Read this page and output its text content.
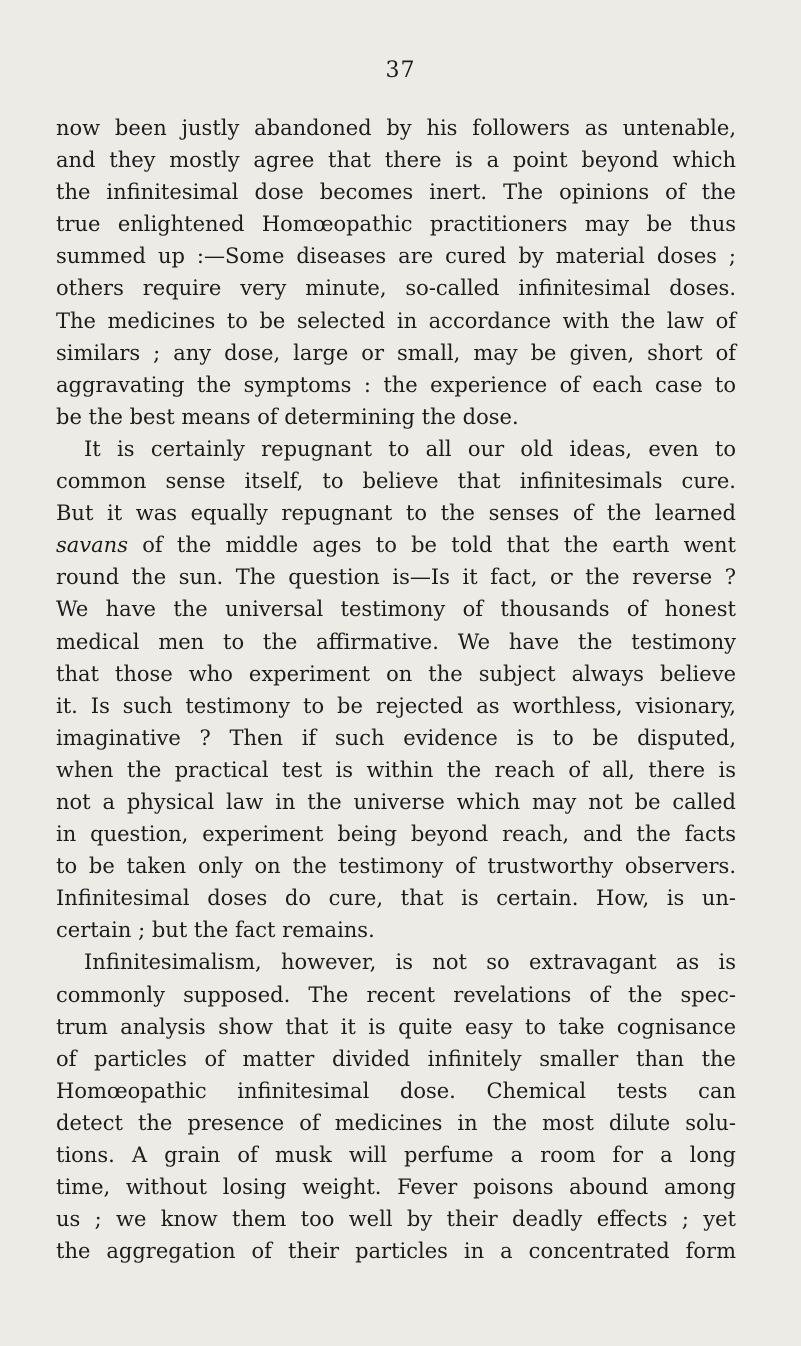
37
now been justly abandoned by his followers as untenable,
and they mostly agree that there is a point beyond which
the infinitesimal dose becomes inert. The opinions of the
true enlightened Homœopathic practitioners may be thus
summed up :—Some diseases are cured by material doses ;
others require very minute, so-called infinitesimal doses.
The medicines to be selected in accordance with the law of
similars ; any dose, large or small, may be given, short of
aggravating the symptoms : the experience of each case to
be the best means of determining the dose.
It is certainly repugnant to all our old ideas, even to
common sense itself, to believe that infinitesimals cure.
But it was equally repugnant to the senses of the learned
savans of the middle ages to be told that the earth went
round the sun. The question is—Is it fact, or the reverse ?
We have the universal testimony of thousands of honest
medical men to the affirmative. We have the testimony
that those who experiment on the subject always believe
it. Is such testimony to be rejected as worthless, visionary,
imaginative ? Then if such evidence is to be disputed,
when the practical test is within the reach of all, there is
not a physical law in the universe which may not be called
in question, experiment being beyond reach, and the facts
to be taken only on the testimony of trustworthy observers.
Infinitesimal doses do cure, that is certain. How, is un-
certain ; but the fact remains.
Infinitesimalism, however, is not so extravagant as is
commonly supposed. The recent revelations of the spec-
trum analysis show that it is quite easy to take cognisance
of particles of matter divided infinitely smaller than the
Homœopathic infinitesimal dose. Chemical tests can
detect the presence of medicines in the most dilute solu-
tions. A grain of musk will perfume a room for a long
time, without losing weight. Fever poisons abound among
us ; we know them too well by their deadly effects ; yet
the aggregation of their particles in a concentrated form
